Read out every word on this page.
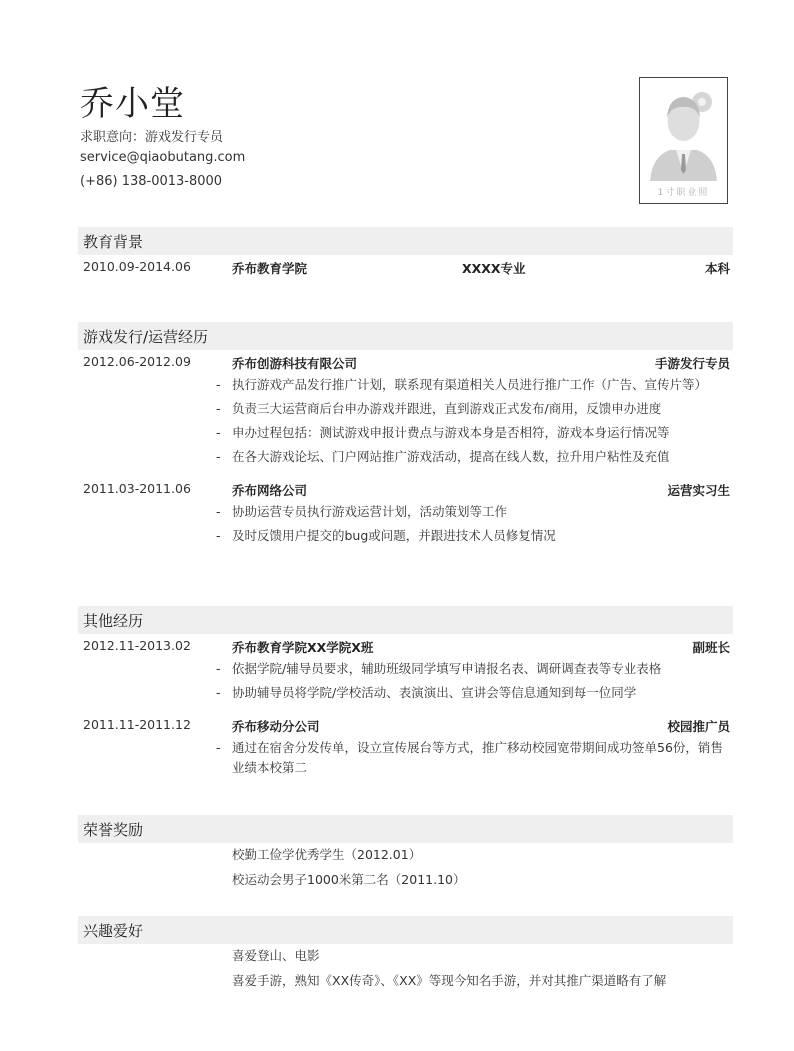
乔小堂
求职意向：游戏发行专员
service@qiaobutang.com
(+86) 138-0013-8000
1寸职业照
教育背景
2010.09-2014.06	乔布教育学院	XXXX专业	本科
游戏发行/运营经历
2012.06-2012.09	乔布创游科技有限公司	手游发行专员
- 执行游戏产品发行推广计划，联系现有渠道相关人员进行推广工作（广告、宣传片等）
- 负责三大运营商后台申办游戏并跟进，直到游戏正式发布/商用，反馈申办进度
- 申办过程包括：测试游戏申报计费点与游戏本身是否相符，游戏本身运行情况等
- 在各大游戏论坛、门户网站推广游戏活动，提高在线人数，拉升用户粘性及充值
2011.03-2011.06	乔布网络公司	运营实习生
- 协助运营专员执行游戏运营计划，活动策划等工作
- 及时反馈用户提交的bug或问题，并跟进技术人员修复情况
其他经历
2012.11-2013.02	乔布教育学院XX学院X班	副班长
- 依据学院/辅导员要求，辅助班级同学填写申请报名表、调研调查表等专业表格
- 协助辅导员将学院/学校活动、表演演出、宣讲会等信息通知到每一位同学
2011.11-2011.12	乔布移动分公司	校园推广员
- 通过在宿舍分发传单，设立宣传展台等方式，推广移动校园宽带期间成功签单56份，销售业绩本校第二
荣誉奖励
校勤工俭学优秀学生（2012.01）
校运动会男子1000米第二名（2011.10）
兴趣爱好
喜爱登山、电影
喜爱手游，熟知《XX传奇》、《XX》等现今知名手游，并对其推广渠道略有了解
